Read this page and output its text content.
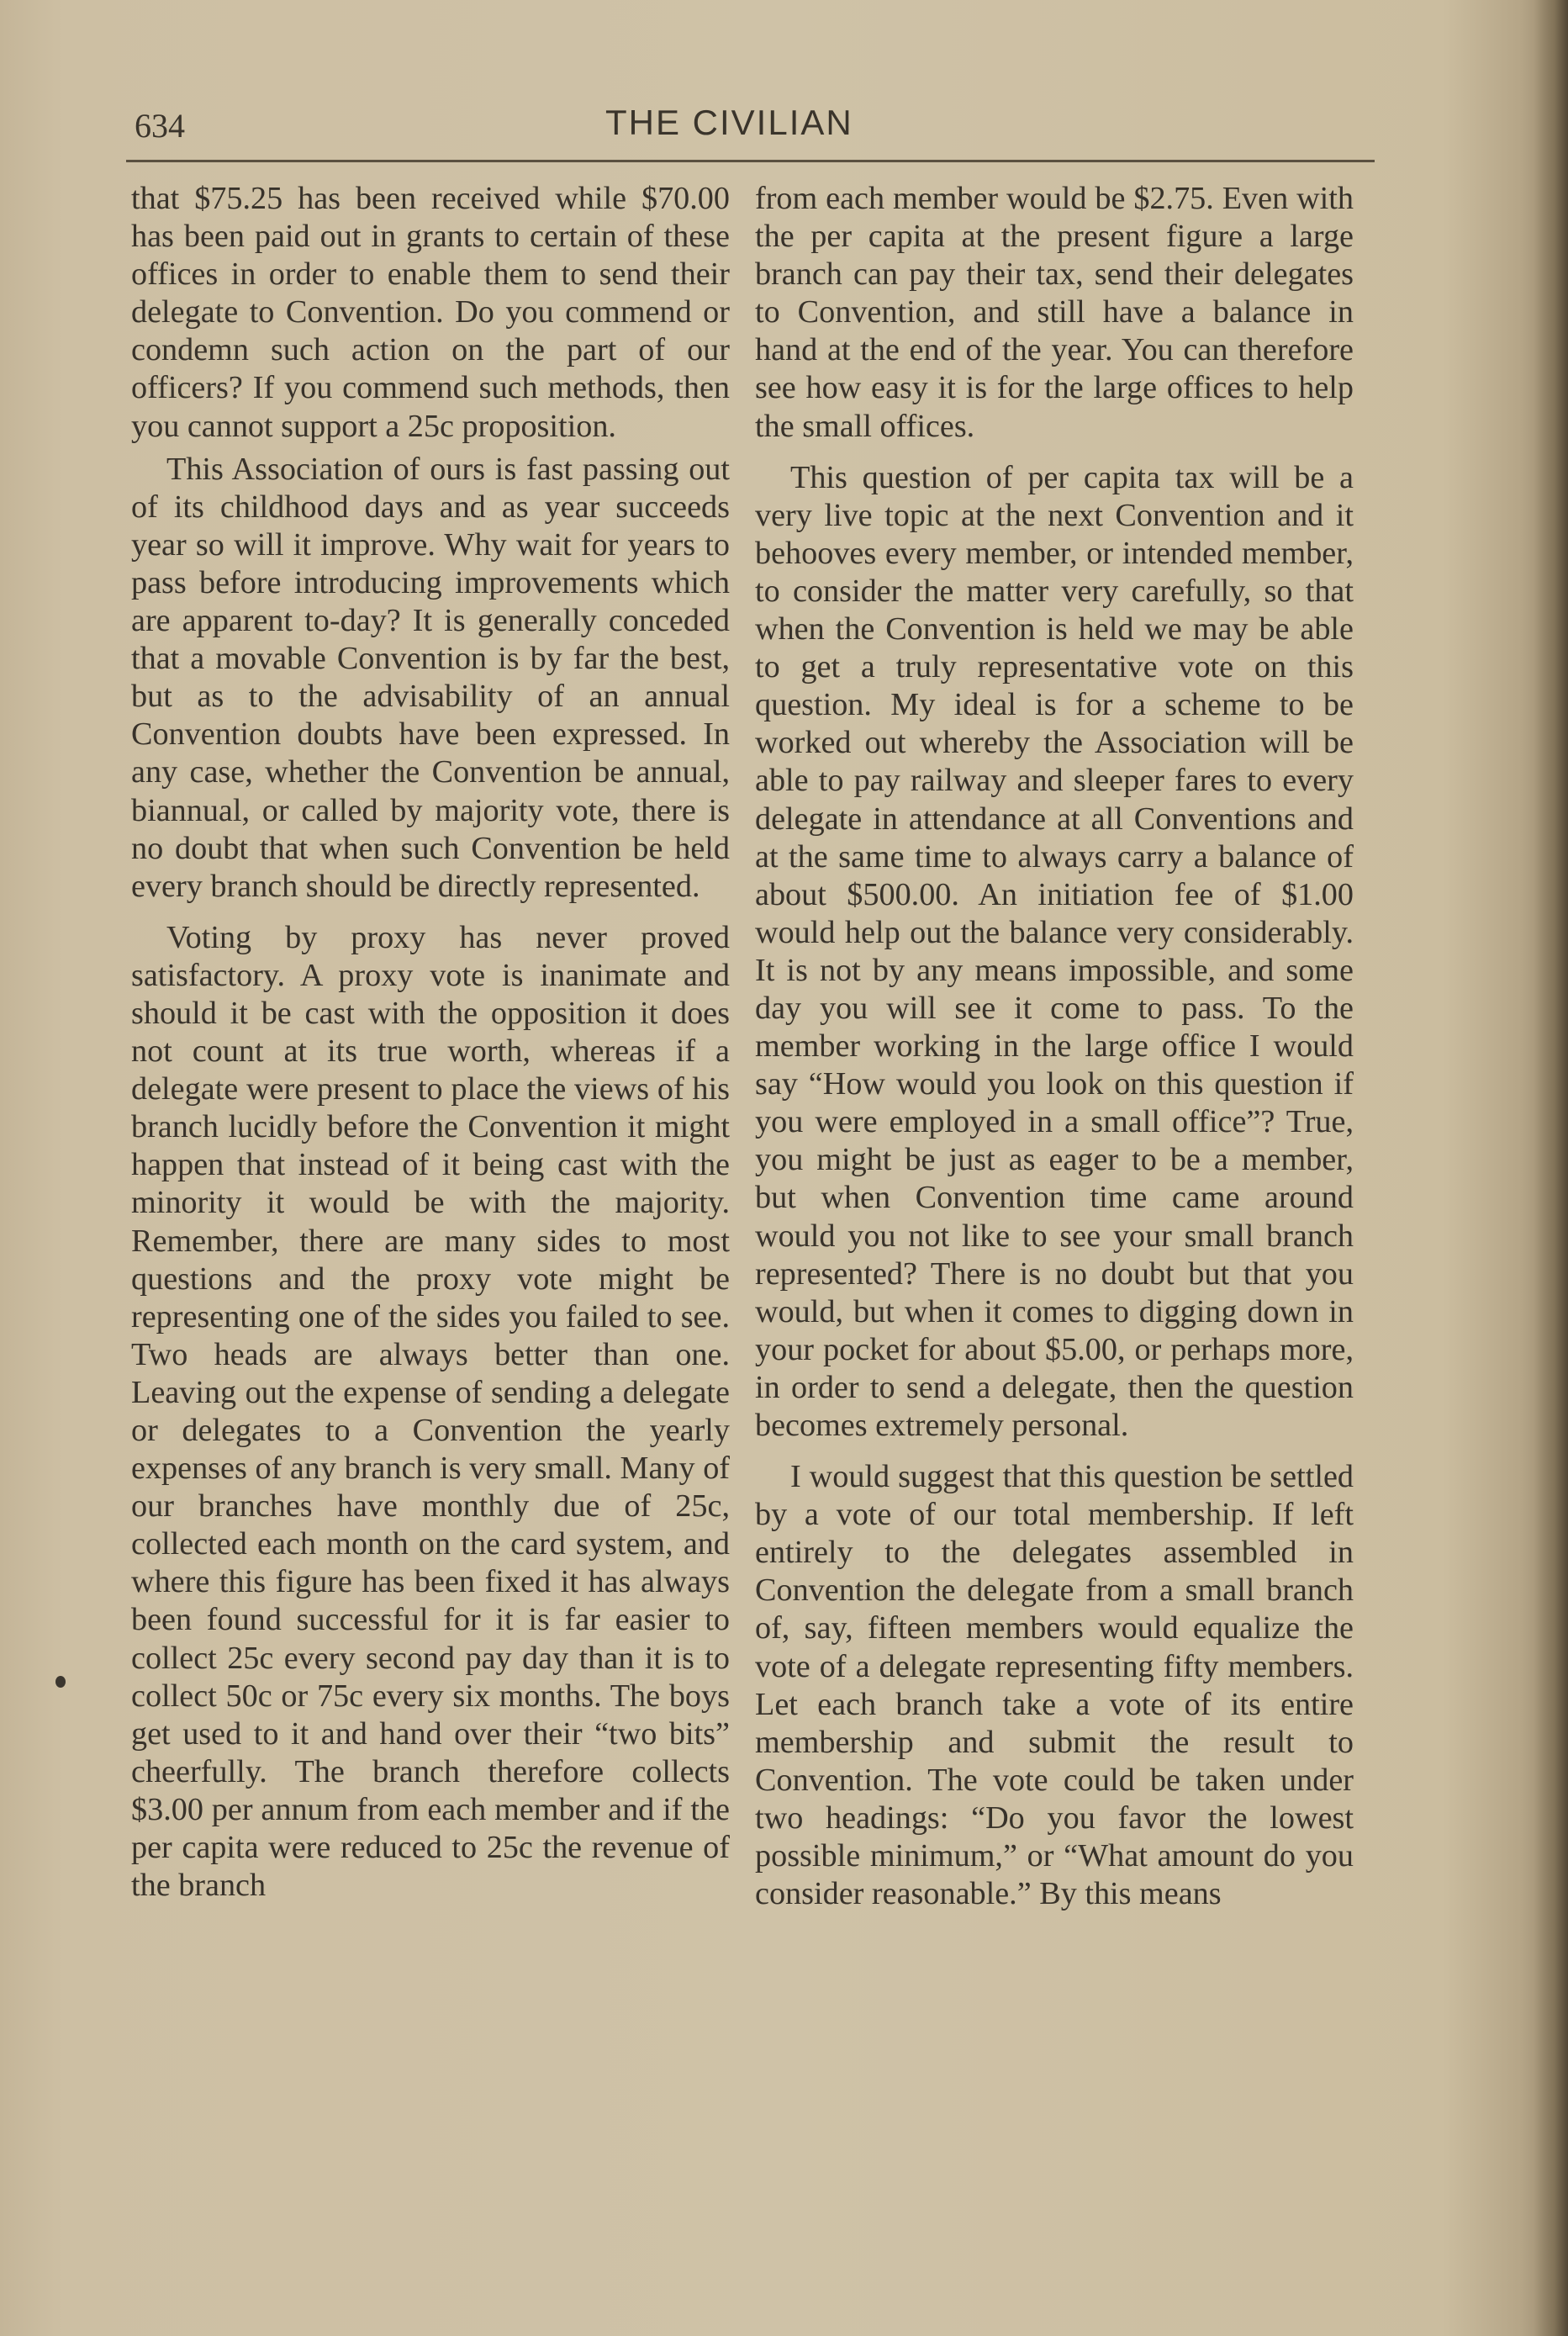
634	THE CIVILIAN

that $75.25 has been received while $70.00 has been paid out in grants to certain of these offices in order to enable them to send their delegate to Convention. Do you commend or condemn such action on the part of our officers? If you commend such methods, then you cannot support a 25c proposition.

This Association of ours is fast passing out of its childhood days and as year succeeds year so will it improve. Why wait for years to pass before introducing improvements which are apparent to-day? It is generally conceded that a movable Convention is by far the best, but as to the advisability of an annual Convention doubts have been expressed. In any case, whether the Convention be annual, biannual, or called by majority vote, there is no doubt that when such Convention be held every branch should be directly represented.

Voting by proxy has never proved satisfactory. A proxy vote is inanimate and should it be cast with the opposition it does not count at its true worth, whereas if a delegate were present to place the views of his branch lucidly before the Convention it might happen that instead of it being cast with the minority it would be with the majority. Remember, there are many sides to most questions and the proxy vote might be representing one of the sides you failed to see. Two heads are always better than one. Leaving out the expense of sending a delegate or delegates to a Convention the yearly expenses of any branch is very small. Many of our branches have monthly due of 25c, collected each month on the card system, and where this figure has been fixed it has always been found successful for it is far easier to collect 25c every second pay day than it is to collect 50c or 75c every six months. The boys get used to it and hand over their “two bits” cheerfully. The branch therefore collects $3.00 per annum from each member and if the per capita were reduced to 25c the revenue of the branch

from each member would be $2.75. Even with the per capita at the present figure a large branch can pay their tax, send their delegates to Convention, and still have a balance in hand at the end of the year. You can therefore see how easy it is for the large offices to help the small offices.

This question of per capita tax will be a very live topic at the next Convention and it behooves every member, or intended member, to consider the matter very carefully, so that when the Convention is held we may be able to get a truly representative vote on this question. My ideal is for a scheme to be worked out whereby the Association will be able to pay railway and sleeper fares to every delegate in attendance at all Conventions and at the same time to always carry a balance of about $500.00. An initiation fee of $1.00 would help out the balance very considerably. It is not by any means impossible, and some day you will see it come to pass. To the member working in the large office I would say “How would you look on this question if you were employed in a small office”? True, you might be just as eager to be a member, but when Convention time came around would you not like to see your small branch represented? There is no doubt but that you would, but when it comes to digging down in your pocket for about $5.00, or perhaps more, in order to send a delegate, then the question becomes extremely personal.

I would suggest that this question be settled by a vote of our total membership. If left entirely to the delegates assembled in Convention the delegate from a small branch of, say, fifteen members would equalize the vote of a delegate representing fifty members. Let each branch take a vote of its entire membership and submit the result to Convention. The vote could be taken under two headings: “Do you favor the lowest possible minimum,” or “What amount do you consider reasonable.” By this means
